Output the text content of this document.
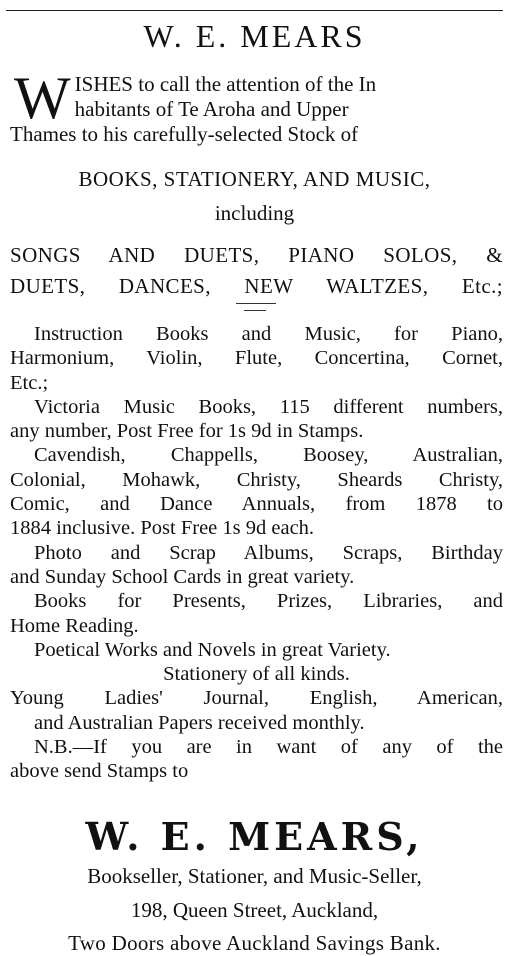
W. E. MEARS
W ISHES to call the attention of the In
habitants of Te Aroha and Upper
Thames to his carefully-selected Stock of
BOOKS, STATIONERY, AND MUSIC,
including
SONGS AND DUETS, PIANO SOLOS, &
DUETS, DANCES, NEW WALTZES, Etc.;
Instruction Books and Music, for Piano,
Harmonium, Violin, Flute, Concertina, Cornet,
Etc.;
Victoria Music Books, 115 different numbers,
any number, Post Free for 1s 9d in Stamps.
Cavendish, Chappells, Boosey, Australian,
Colonial, Mohawk, Christy, Sheards Christy,
Comic, and Dance Annuals, from 1878 to
1884 inclusive. Post Free 1s 9d each.
Photo and Scrap Albums, Scraps, Birthday
and Sunday School Cards in great variety.
Books for Presents, Prizes, Libraries, and
Home Reading.
Poetical Works and Novels in great Variety.
Stationery of all kinds.
Young Ladies' Journal, English, American,
and Australian Papers received monthly.
N.B.—If you are in want of any of the
above send Stamps to
W. E. MEARS,
Bookseller, Stationer, and Music-Seller,
198, Queen Street, Auckland,
Two Doors above Auckland Savings Bank.
